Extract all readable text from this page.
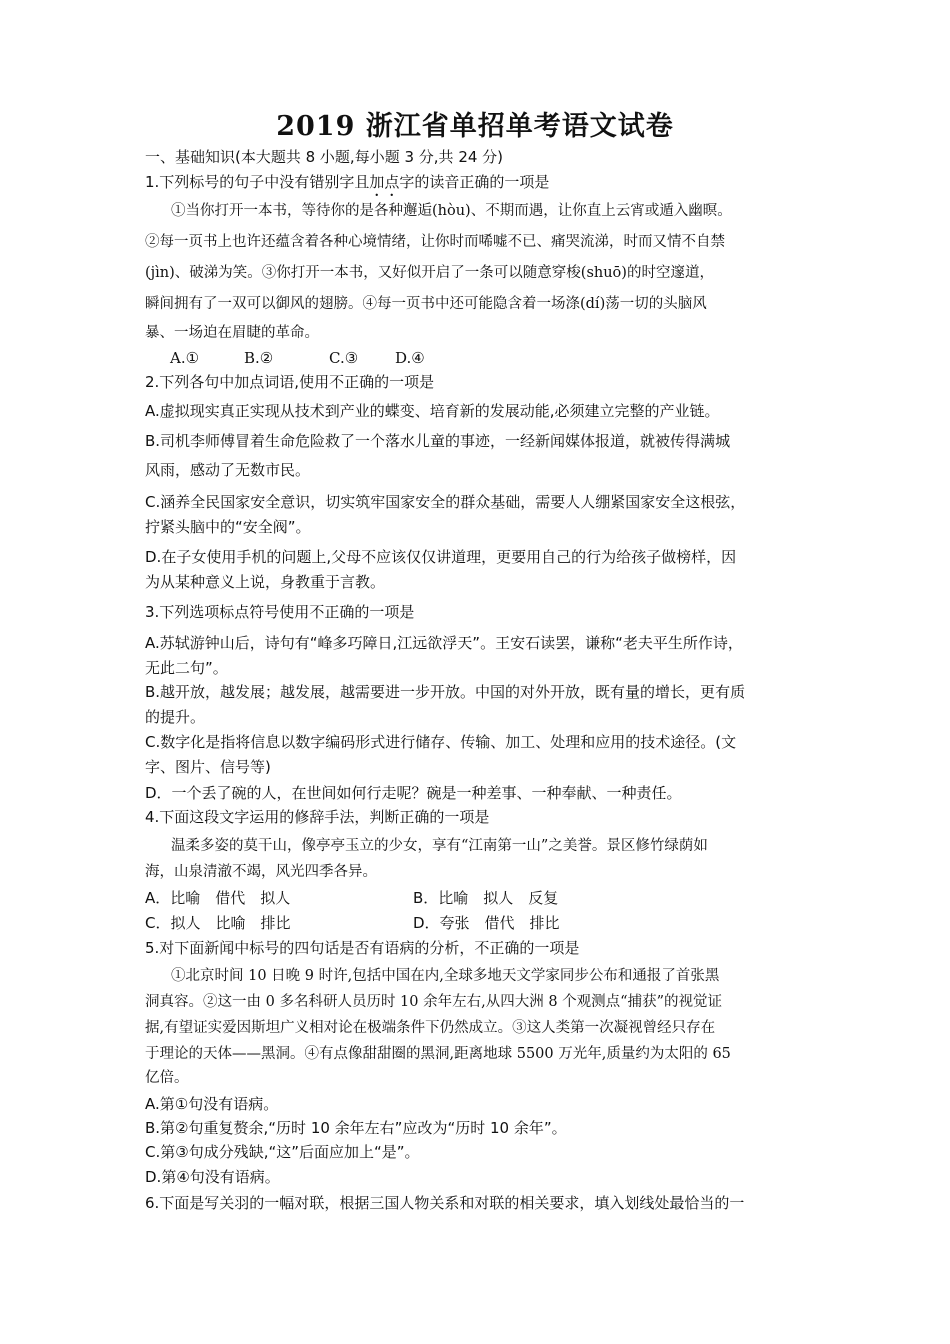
2019 浙江省单招单考语文试卷
一、基础知识(本大题共 8 小题,每小题 3 分,共 24 分)
1.下列标号的句子中没有错别字且加点字的读音正确的一项是
①当你打开一本书，等待你的是各种邂逅(hòu)、不期而遇，让你直上云宵或遁入幽暝。
②每一页书上也许还蕴含着各种心境情绪，让你时而唏嘘不已、痛哭流涕，时而又情不自禁
(jìn)、破涕为笑。③你打开一本书，又好似开启了一条可以随意穿梭(shuō)的时空邃道，
瞬间拥有了一双可以御风的翅膀。④每一页书中还可能隐含着一场涤(dí)荡一切的头脑风
暴、一场迫在眉睫的革命。
A.①	B.②	C.③ D.④
2.下列各句中加点词语,使用不正确的一项是
A.虚拟现实真正实现从技术到产业的蝶变、培育新的发展动能,必须建立完整的产业链。
B.司机李师傅冒着生命危险救了一个落水儿童的事迹，一经新闻媒体报道，就被传得满城
风雨，感动了无数市民。
C.涵养全民国家安全意识，切实筑牢国家安全的群众基础，需要人人绷紧国家安全这根弦，
拧紧头脑中的“安全阀”。
D.在子女使用手机的问题上,父母不应该仅仅讲道理，更要用自己的行为给孩子做榜样，因
为从某种意义上说，身教重于言教。
3.下列选项标点符号使用不正确的一项是
A.苏轼游钟山后，诗句有“峰多巧障日,江远欲浮天”。王安石读罢，谦称“老夫平生所作诗，
无此二句”。
B.越开放，越发展；越发展，越需要进一步开放。中国的对外开放，既有量的增长，更有质
的提升。
C.数字化是指将信息以数字编码形式进行储存、传输、加工、处理和应用的技术途径。(文
字、图片、信号等)
D．一个丢了碗的人，在世间如何行走呢？碗是一种差事、一种奉献、一种责任。
4.下面这段文字运用的修辞手法，判断正确的一项是
温柔多姿的莫干山，像亭亭玉立的少女，享有“江南第一山”之美誉。景区修竹绿荫如
海，山泉清澈不竭，风光四季各异。
A．比喻　借代　拟人	B．比喻　拟人　反复
C．拟人　比喻　排比	D．夸张　借代　排比
5.对下面新闻中标号的四句话是否有语病的分析，不正确的一项是
①北京时间 10 日晚 9 时许,包括中国在内,全球多地天文学家同步公布和通报了首张黑
洞真容。②这一由 0 多名科研人员历时 10 余年左右,从四大洲 8 个观测点“捕获”的视觉证
据,有望证实爱因斯坦广义相对论在极端条件下仍然成立。③这人类第一次凝视曾经只存在
于理论的天体——黑洞。④有点像甜甜圈的黑洞,距离地球 5500 万光年,质量约为太阳的 65
亿倍。
A.第①句没有语病。
B.第②句重复赘余,“历时 10 余年左右”应改为“历时 10 余年”。
C.第③句成分残缺,“这”后面应加上“是”。
D.第④句没有语病。
6.下面是写关羽的一幅对联，根据三国人物关系和对联的相关要求，填入划线处最恰当的一
